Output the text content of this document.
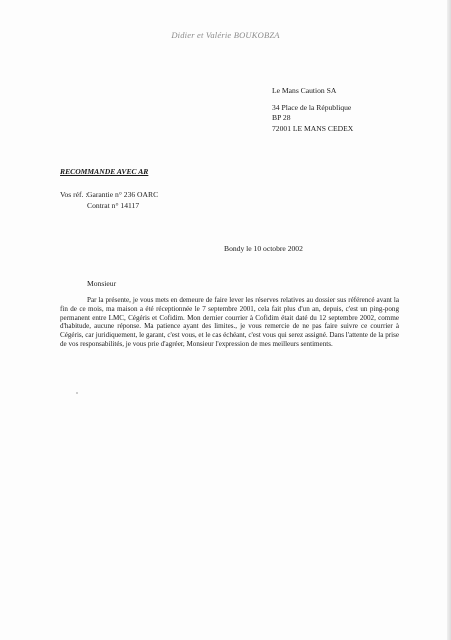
Didier et Valérie BOUKOBZA
Le Mans Caution SA
34 Place de la République
BP 28
72001 LE MANS CEDEX
RECOMMANDE AVEC AR
Vos réf. : Garantie n° 236 OARC
Contrat n° 14117
Bondy le 10 octobre 2002
Monsieur
Par la présente, je vous mets en demeure de faire lever les réserves relatives au dossier sus référencé avant la fin de ce mois, ma maison a été réceptionnée le 7 septembre 2001, cela fait plus d'un an, depuis, c'est un ping-pong permanent entre LMC, Cégéris et Cofidim. Mon dernier courrier à Cofidim était daté du 12 septembre 2002, comme d'habitude, aucune réponse. Ma patience ayant des limites., je vous remercie de ne pas faire suivre ce courrier à Cégéris, car juridiquement, le garant, c'est vous, et le cas échéant, c'est vous qui serez assigné. Dans l'attente de la prise de vos responsabilités, je vous prie d'agréer, Monsieur l'expression de mes meilleurs sentiments.
